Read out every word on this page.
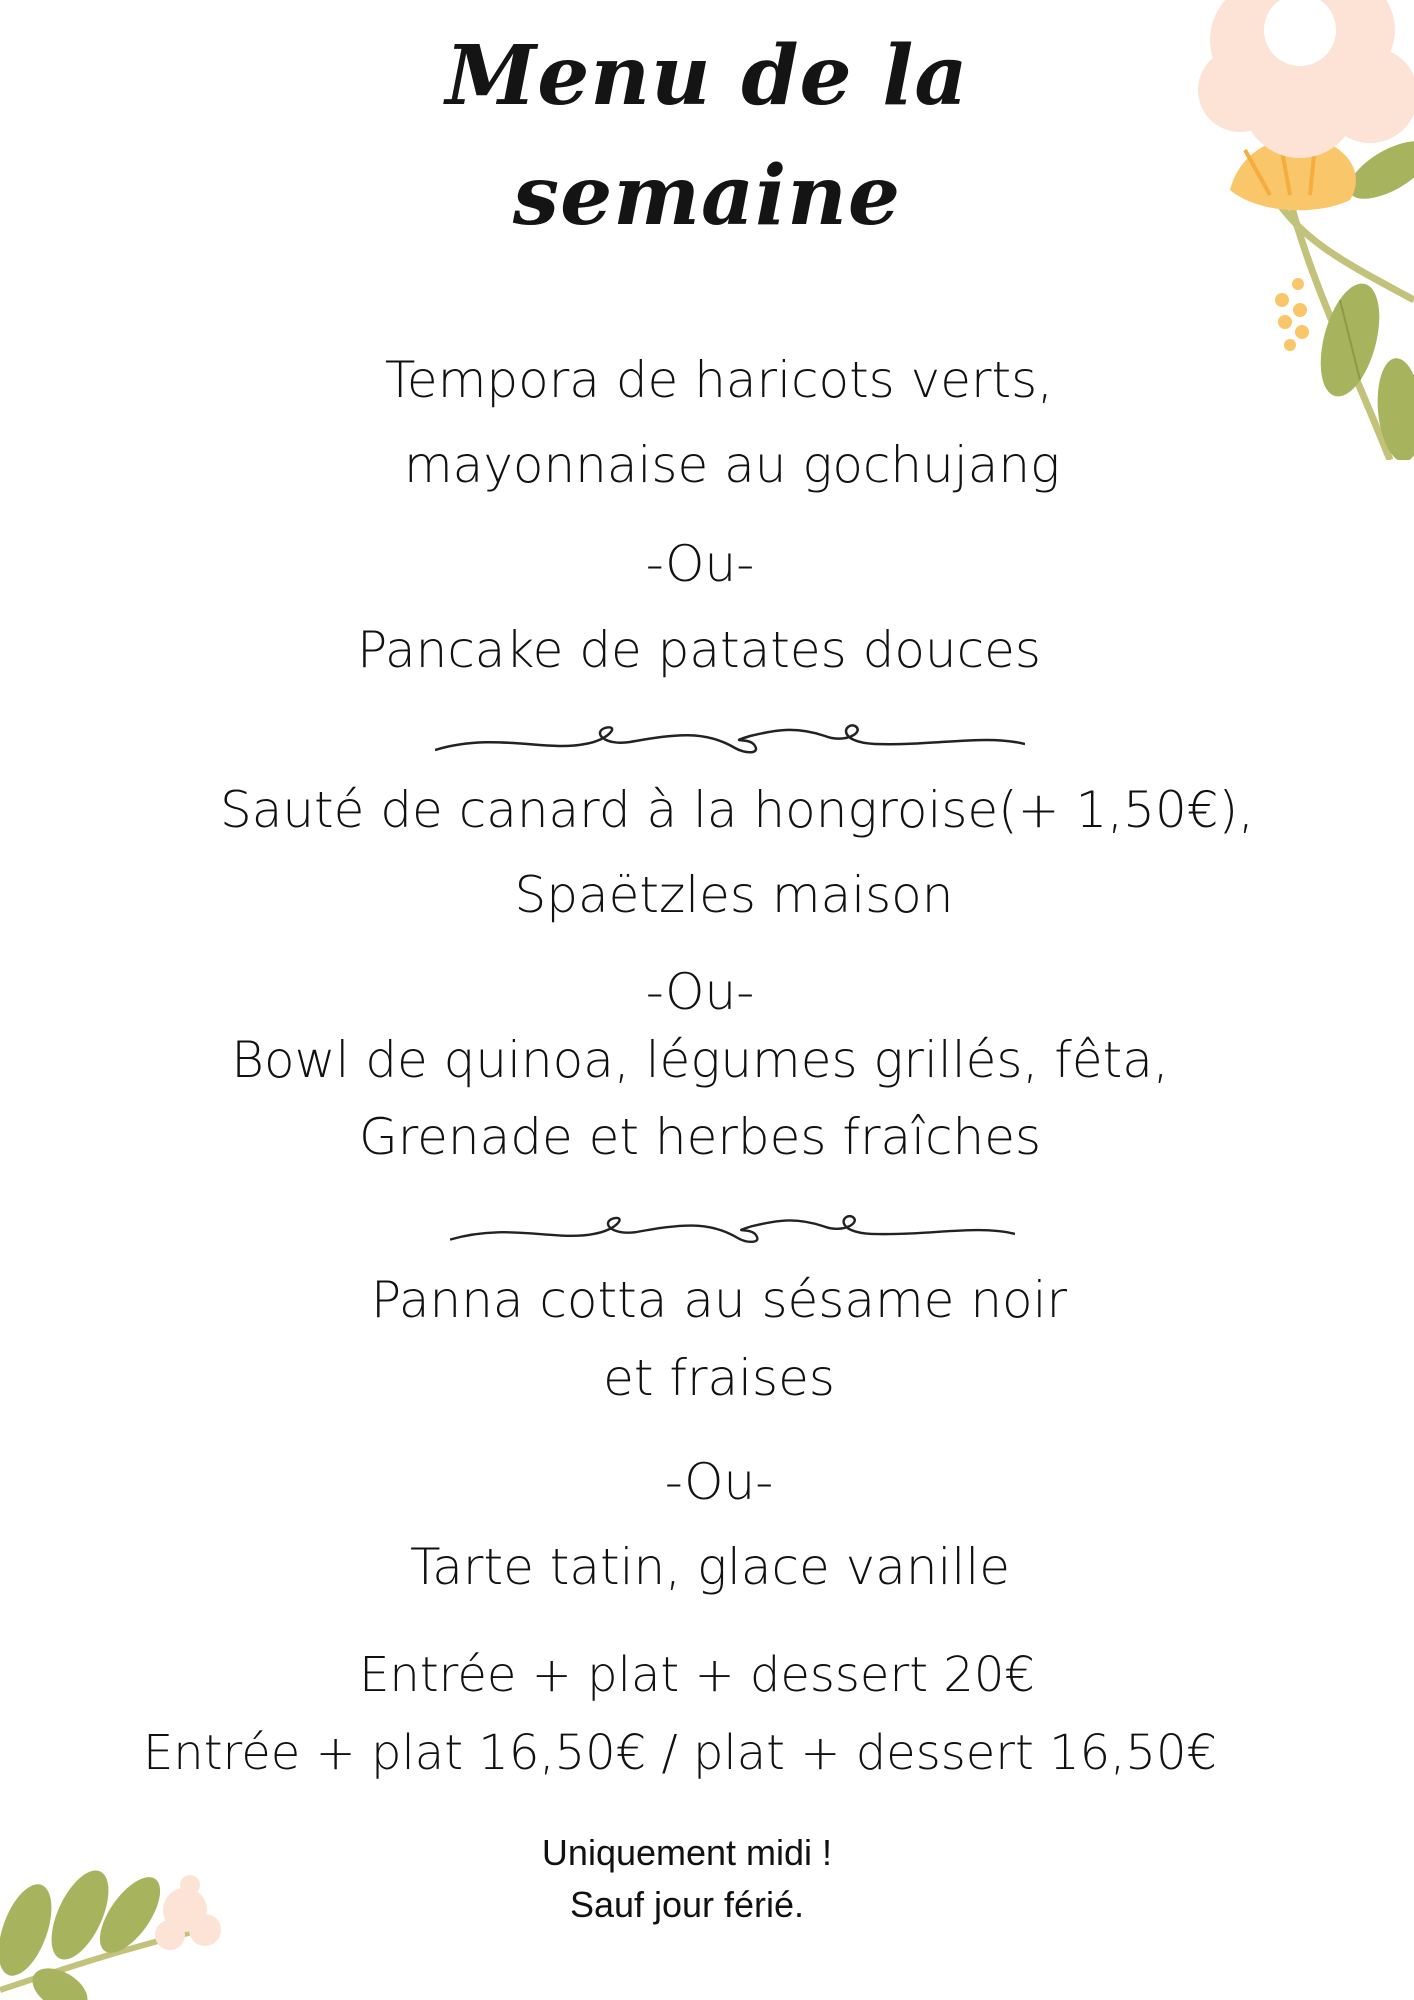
Menu de la
semaine
Tempora de haricots verts,
mayonnaise au gochujang
-Ou-
Pancake de patates douces
Sauté de canard à la hongroise(+ 1,50€),
Spaëtzles maison
-Ou-
Bowl de quinoa, légumes grillés, fêta,
Grenade et herbes fraîches
Panna cotta au sésame noir
et fraises
-Ou-
Tarte tatin, glace vanille
Entrée + plat + dessert 20€
Entrée + plat 16,50€ / plat + dessert 16,50€
Uniquement midi !
Sauf jour férié.
